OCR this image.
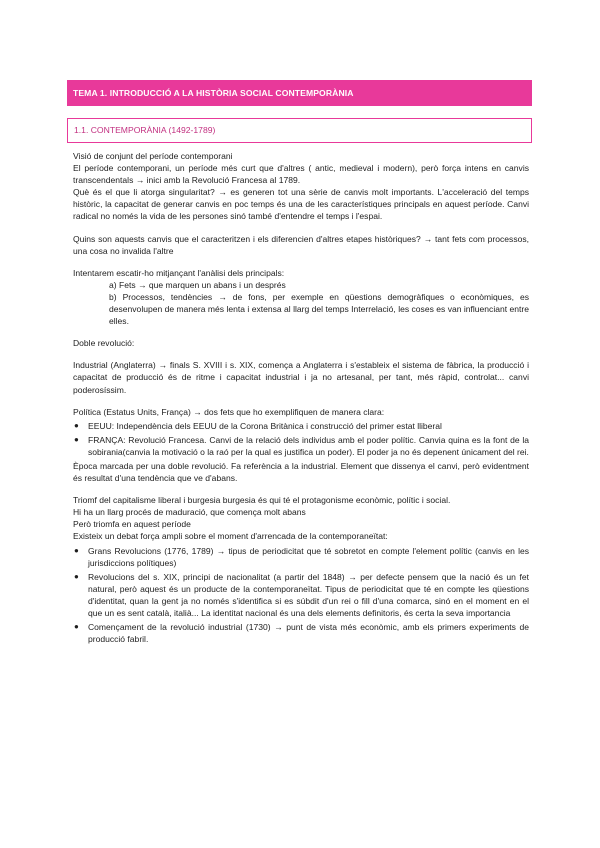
TEMA 1. INTRODUCCIÓ A LA HISTÒRIA SOCIAL CONTEMPORÀNIA
1.1. CONTEMPORÀNIA (1492-1789)

Visió de conjunt del període contemporani

El període contemporani, un període més curt que d'altres ( antic, medieval i modern), però força intens en canvis transcendentals → inici amb la Revolució Francesa al 1789.

Què és el que li atorga singularitat? → es generen tot una sèrie de canvis molt importants. L'acceleració del temps històric, la capacitat de generar canvis en poc temps és una de les característiques principals en aquest període. Canvi radical no només la vida de les persones sinó també d'entendre el temps i l'espai.

Quins son aquests canvis que el caracteritzen i els diferencien d'altres etapes històriques? → tant fets com processos, una cosa no invalida l'altre

Intentarem escatir-ho mitjançant l'anàlisi dels principals:

a) Fets → que marquen un abans i un després

b) Processos, tendències → de fons, per exemple en qüestions demogràfiques o econòmiques, es desenvolupen de manera més lenta i extensa al llarg del temps Interrelació, les coses es van influenciant entre elles.

Doble revolució:

Industrial (Anglaterra) → finals S. XVIII i s. XIX, comença a Anglaterra i s'estableix el sistema de fàbrica, la producció i capacitat de producció és de ritme i capacitat industrial i ja no artesanal, per tant, més ràpid, controlat... canvi poderosíssim.

Política (Estatus Units, França) → dos fets que ho exemplifiquen de manera clara:

● EEUU: Independència dels EEUU de la Corona Britànica i construcció del primer estat lliberal
● FRANÇA: Revolució Francesa. Canvi de la relació dels individus amb el poder polític. Canvia quina es la font de la sobirania(canvia la motivació o la raó per la qual es justifica un poder). El poder ja no és depenent únicament del rei.

Època marcada per una doble revolució. Fa referència a la industrial. Element que dissenya el canvi, però evidentment és resultat d'una tendència que ve d'abans.

Triomf del capitalisme liberal i burgesia burgesia és qui té el protagonisme econòmic, polític i social.

Hi ha un llarg procés de maduració, que comença molt abans

Però triomfa en aquest període

Existeix un debat força ampli sobre el moment d'arrencada de la contemporaneïtat:

● Grans Revolucions (1776, 1789) → tipus de periodicitat que té sobretot en compte l'element polític (canvis en les jurisdiccions polítiques)
● Revolucions del s. XIX, principi de nacionalitat (a partir del 1848) → per defecte pensem que la nació és un fet natural, però aquest és un producte de la contemporaneïtat. Tipus de periodicitat que té en compte les qüestions d'identitat, quan la gent ja no només s'identifica si es súbdit d'un rei o fill d'una comarca, sinó en el moment en el que un es sent català, italià... La identitat nacional és una dels elements definitoris, és certa la seva importancia
● Començament de la revolució industrial (1730) → punt de vista més econòmic, amb els primers experiments de producció fabril.
